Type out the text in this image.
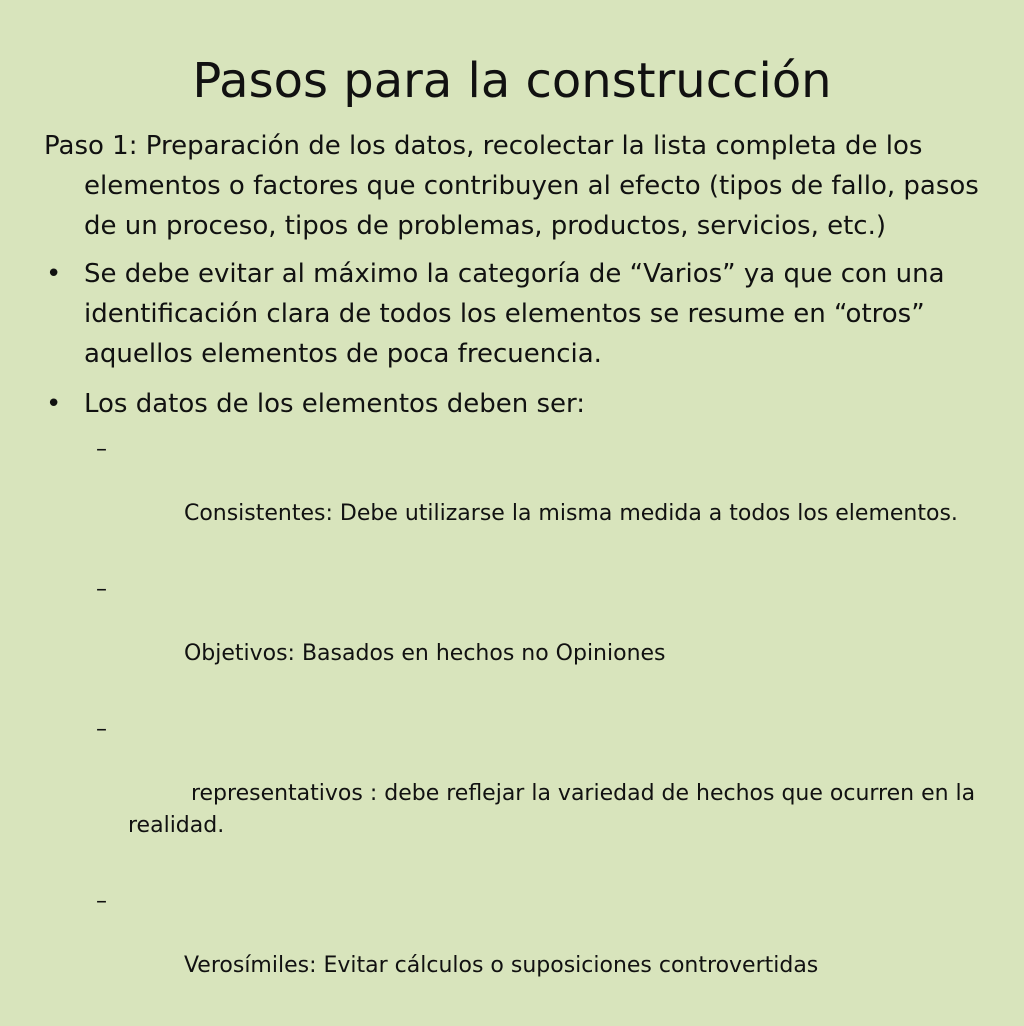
Pasos para la construcción

Paso 1: Preparación de los datos, recolectar la lista completa de los elementos o factores que contribuyen al efecto (tipos de fallo, pasos de un proceso, tipos de problemas, productos, servicios, etc.)

• Se debe evitar al máximo la categoría de “Varios” ya que con una identificación clara de todos los elementos se resume en “otros” aquellos elementos de poca frecuencia.
• Los datos de los elementos deben ser:

–

Consistentes: Debe utilizarse la misma medida a todos los elementos.

–

Objetivos: Basados en hechos no Opiniones

–

representativos : debe reflejar la variedad de hechos que ocurren en la realidad.

–

Verosímiles: Evitar cálculos o suposiciones controvertidas
